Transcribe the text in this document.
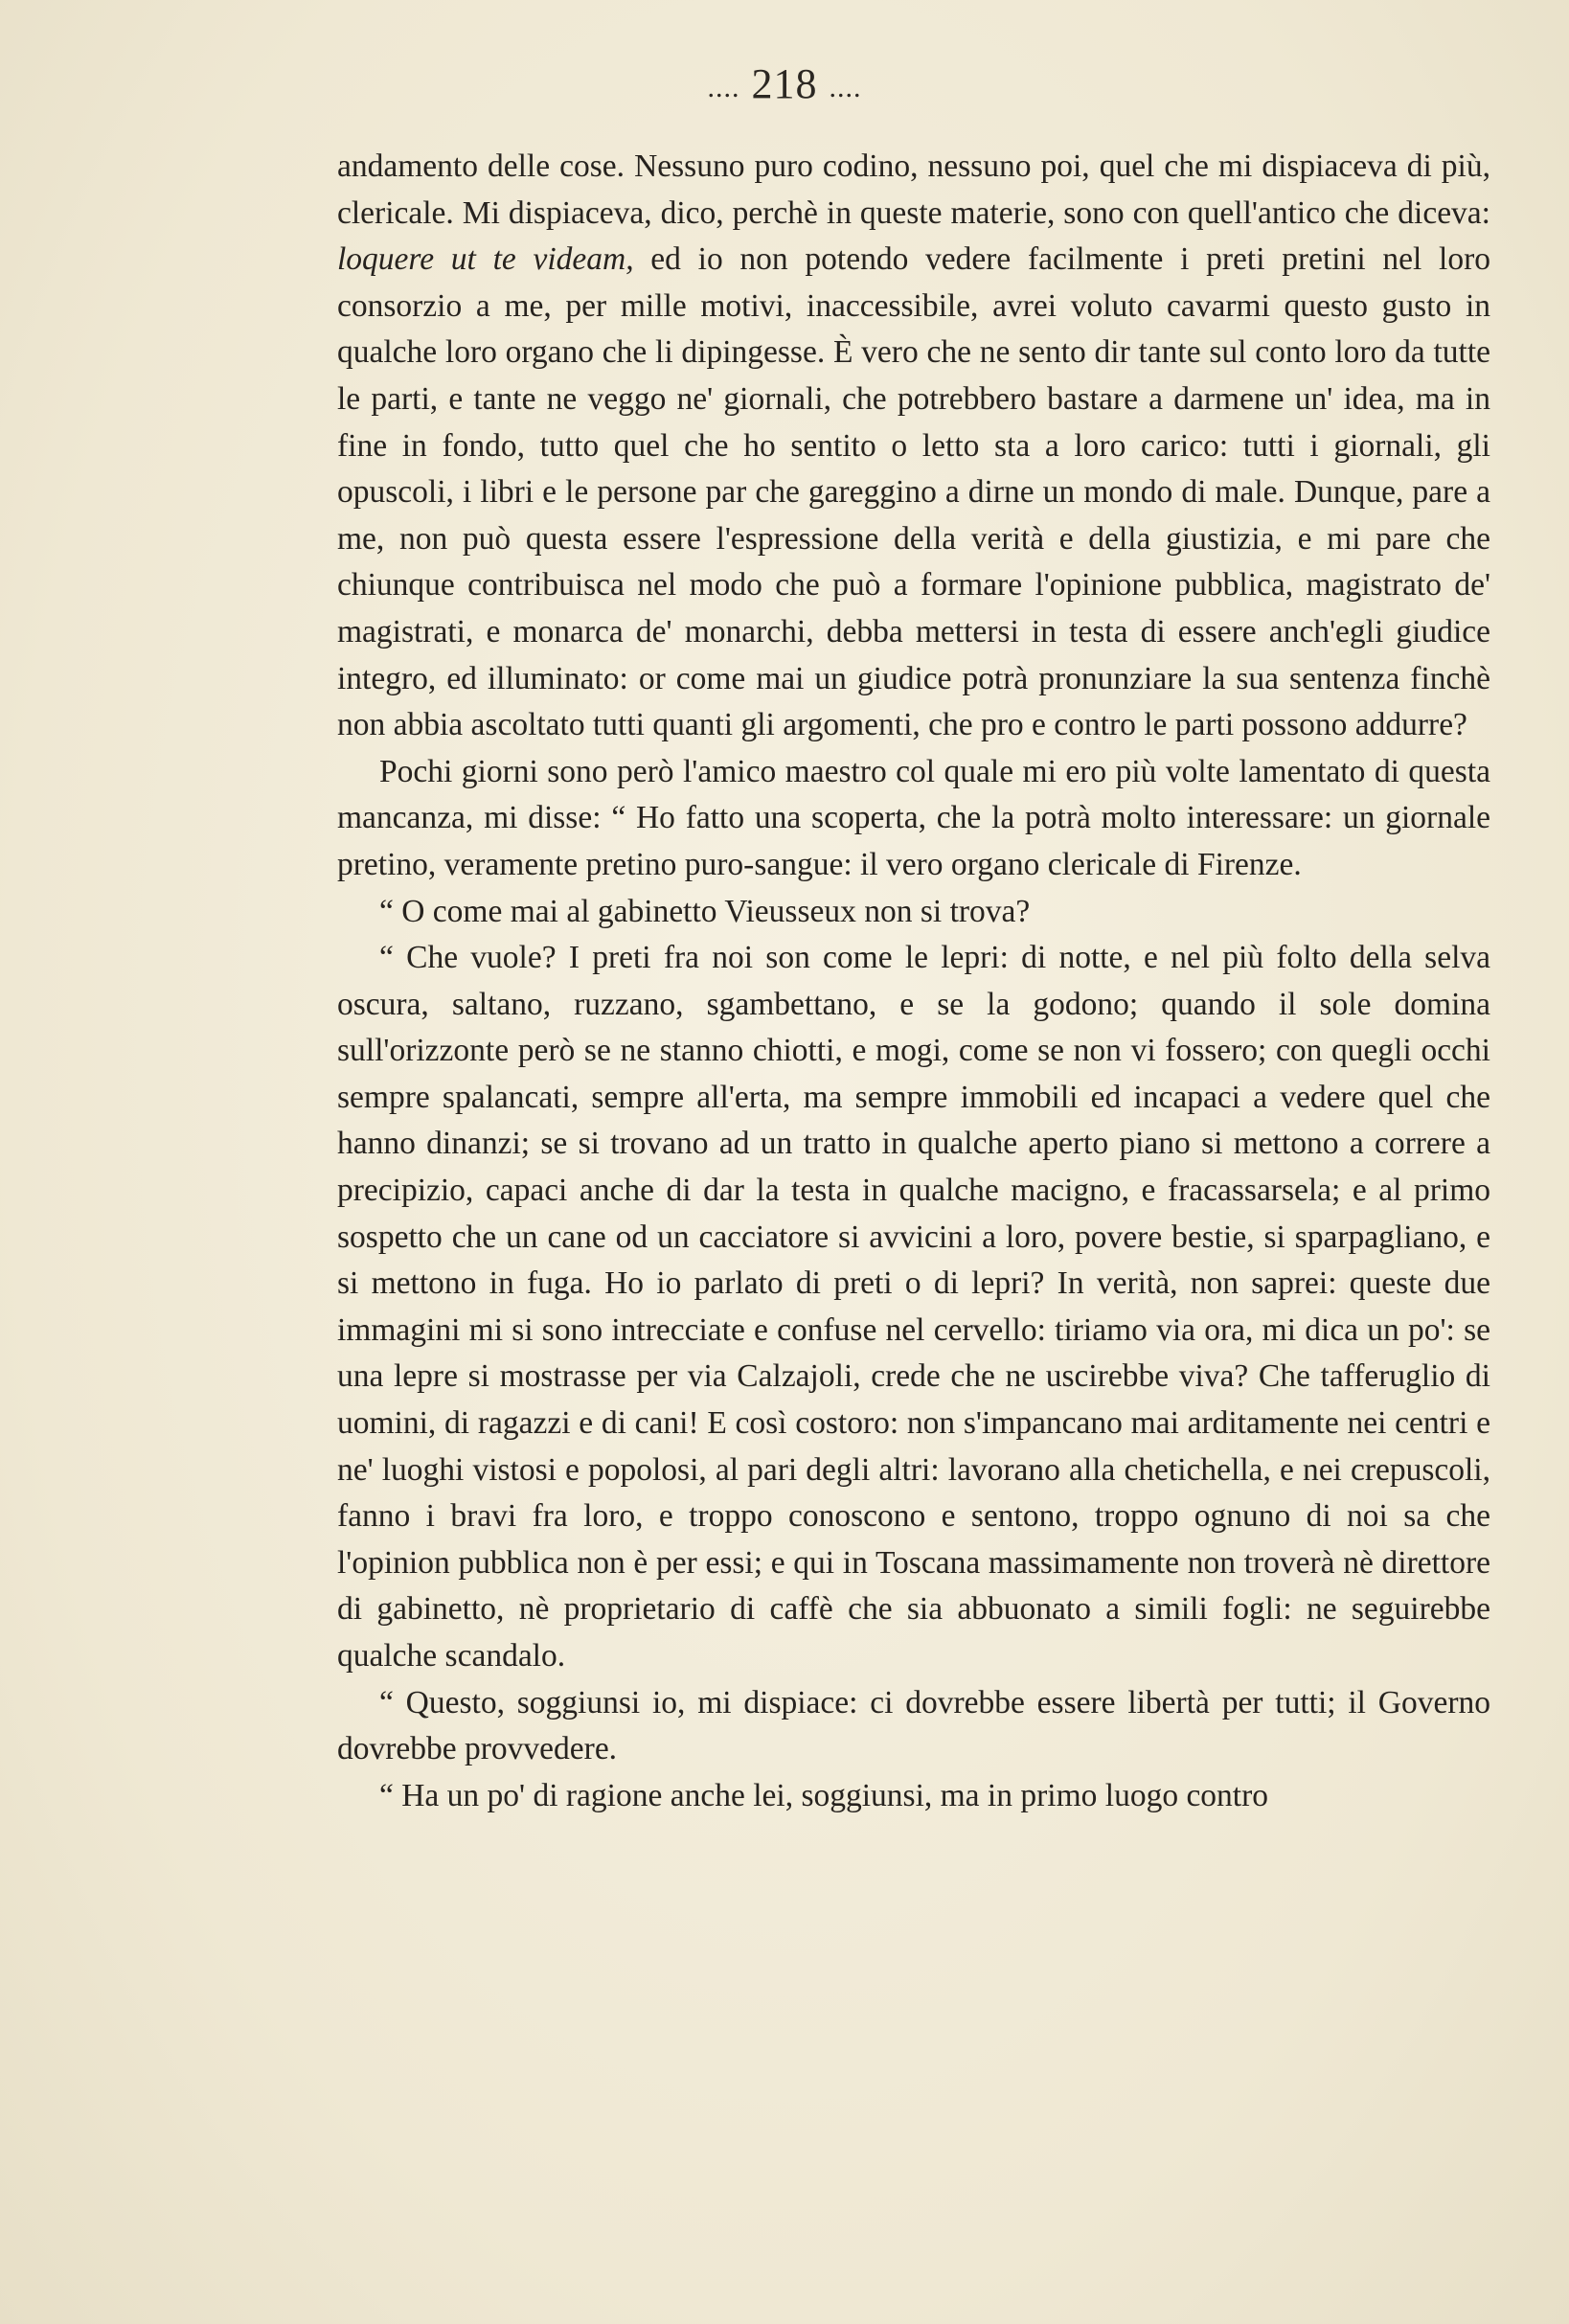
.... 218 ....

andamento delle cose. Nessuno puro codino, nessuno poi, quel che mi dispiaceva di più, clericale. Mi dispiaceva, dico, perchè in queste materie, sono con quell'antico che diceva: loquere ut te videam, ed io non potendo vedere facilmente i preti pretini nel loro consorzio a me, per mille motivi, inaccessibile, avrei voluto cavarmi questo gusto in qualche loro organo che li dipingesse. È vero che ne sento dir tante sul conto loro da tutte le parti, e tante ne veggo ne' giornali, che potrebbero bastare a darmene un' idea, ma in fine in fondo, tutto quel che ho sentito o letto sta a loro carico: tutti i giornali, gli opuscoli, i libri e le persone par che gareggino a dirne un mondo di male. Dunque, pare a me, non può questa essere l'espressione della verità e della giustizia, e mi pare che chiunque contribuisca nel modo che può a formare l'opinione pubblica, magistrato de' magistrati, e monarca de' monarchi, debba mettersi in testa di essere anch'egli giudice integro, ed illuminato: or come mai un giudice potrà pronunziare la sua sentenza finchè non abbia ascoltato tutti quanti gli argomenti, che pro e contro le parti possono addurre?

Pochi giorni sono però l'amico maestro col quale mi ero più volte lamentato di questa mancanza, mi disse: “ Ho fatto una scoperta, che la potrà molto interessare: un giornale pretino, veramente pretino puro-sangue: il vero organo clericale di Firenze.

“ O come mai al gabinetto Vieusseux non si trova?

“ Che vuole? I preti fra noi son come le lepri: di notte, e nel più folto della selva oscura, saltano, ruzzano, sgambettano, e se la godono; quando il sole domina sull'orizzonte però se ne stanno chiotti, e mogi, come se non vi fossero; con quegli occhi sempre spalancati, sempre all'erta, ma sempre immobili ed incapaci a vedere quel che hanno dinanzi; se si trovano ad un tratto in qualche aperto piano si mettono a correre a precipizio, capaci anche di dar la testa in qualche macigno, e fracassarsela; e al primo sospetto che un cane od un cacciatore si avvicini a loro, povere bestie, si sparpagliano, e si mettono in fuga. Ho io parlato di preti o di lepri? In verità, non saprei: queste due immagini mi si sono intrecciate e confuse nel cervello: tiriamo via ora, mi dica un po': se una lepre si mostrasse per via Calzajoli, crede che ne uscirebbe viva? Che tafferuglio di uomini, di ragazzi e di cani! E così costoro: non s'impancano mai arditamente nei centri e ne' luoghi vistosi e popolosi, al pari degli altri: lavorano alla chetichella, e nei crepuscoli, fanno i bravi fra loro, e troppo conoscono e sentono, troppo ognuno di noi sa che l'opinion pubblica non è per essi; e qui in Toscana massimamente non troverà nè direttore di gabinetto, nè proprietario di caffè che sia abbuonato a simili fogli: ne seguirebbe qualche scandalo.

“ Questo, soggiunsi io, mi dispiace: ci dovrebbe essere libertà per tutti; il Governo dovrebbe provvedere.

“ Ha un po' di ragione anche lei, soggiunsi, ma in primo luogo contro
